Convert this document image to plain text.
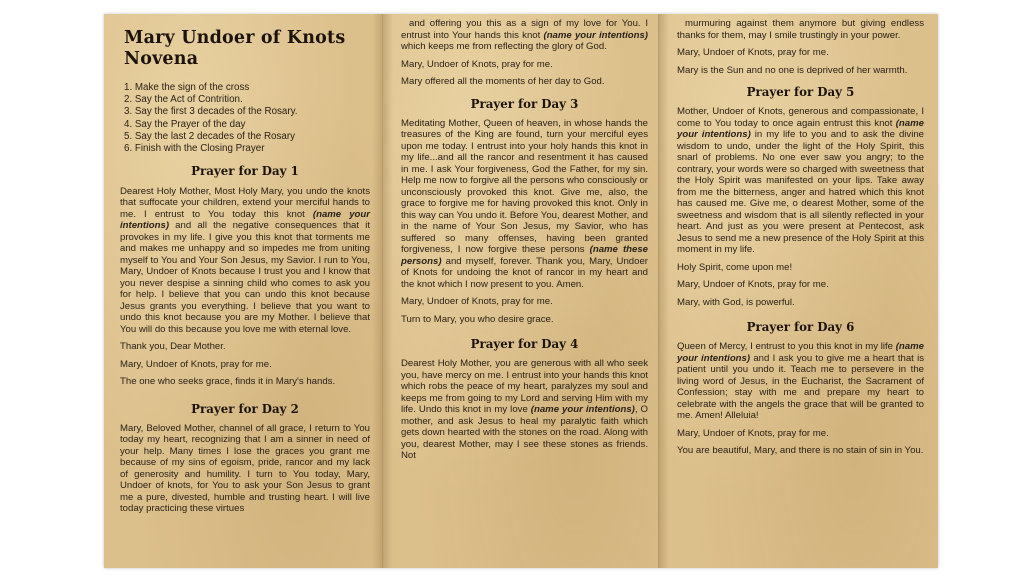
Mary Undoer of Knots Novena
1. Make the sign of the cross
2. Say the Act of Contrition.
3. Say the first 3 decades of the Rosary.
4. Say the Prayer of the day
5. Say the last 2 decades of the Rosary
6. Finish with the Closing Prayer
Prayer for Day 1

Dearest Holy Mother, Most Holy Mary, you undo the knots that suffocate your children, extend your merciful hands to me. I entrust to You today this knot (name your intentions) and all the negative consequences that it provokes in my life. I give you this knot that torments me and makes me unhappy and so impedes me from uniting myself to You and Your Son Jesus, my Savior. I run to You, Mary, Undoer of Knots because I trust you and I know that you never despise a sinning child who comes to ask you for help. I believe that you can undo this knot because Jesus grants you everything. I believe that you want to undo this knot because you are my Mother. I believe that You will do this because you love me with eternal love.

Thank you, Dear Mother.

Mary, Undoer of Knots, pray for me.

The one who seeks grace, finds it in Mary's hands.

Prayer for Day 2

Mary, Beloved Mother, channel of all grace, I return to You today my heart, recognizing that I am a sinner in need of your help. Many times I lose the graces you grant me because of my sins of egoism, pride, rancor and my lack of generosity and humility. I turn to You today, Mary, Undoer of knots, for You to ask your Son Jesus to grant me a pure, divested, humble and trusting heart. I will live today practicing these virtues

and offering you this as a sign of my love for You. I entrust into Your hands this knot (name your intentions) which keeps me from reflecting the glory of God.

Mary, Undoer of Knots, pray for me.

Mary offered all the moments of her day to God.

Prayer for Day 3

Meditating Mother, Queen of heaven, in whose hands the treasures of the King are found, turn your merciful eyes upon me today. I entrust into your holy hands this knot in my life...and all the rancor and resentment it has caused in me. I ask Your forgiveness, God the Father, for my sin. Help me now to forgive all the persons who consciously or unconsciously provoked this knot. Give me, also, the grace to forgive me for having provoked this knot. Only in this way can You undo it. Before You, dearest Mother, and in the name of Your Son Jesus, my Savior, who has suffered so many offenses, having been granted forgiveness, I now forgive these persons (name these persons) and myself, forever. Thank you, Mary, Undoer of Knots for undoing the knot of rancor in my heart and the knot which I now present to you. Amen.

Mary, Undoer of Knots, pray for me.

Turn to Mary, you who desire grace.

Prayer for Day 4

Dearest Holy Mother, you are generous with all who seek you, have mercy on me. I entrust into your hands this knot which robs the peace of my heart, paralyzes my soul and keeps me from going to my Lord and serving Him with my life. Undo this knot in my love (name your intentions), O mother, and ask Jesus to heal my paralytic faith which gets down hearted with the stones on the road. Along with you, dearest Mother, may I see these stones as friends. Not

murmuring against them anymore but giving endless thanks for them, may I smile trustingly in your power.

Mary, Undoer of Knots, pray for me.

Mary is the Sun and no one is deprived of her warmth.

Prayer for Day 5

Mother, Undoer of Knots, generous and compassionate, I come to You today to once again entrust this knot (name your intentions) in my life to you and to ask the divine wisdom to undo, under the light of the Holy Spirit, this snarl of problems. No one ever saw you angry; to the contrary, your words were so charged with sweetness that the Holy Spirit was manifested on your lips. Take away from me the bitterness, anger and hatred which this knot has caused me. Give me, o dearest Mother, some of the sweetness and wisdom that is all silently reflected in your heart. And just as you were present at Pentecost, ask Jesus to send me a new presence of the Holy Spirit at this moment in my life.

Holy Spirit, come upon me!

Mary, Undoer of Knots, pray for me.

Mary, with God, is powerful.

Prayer for Day 6

Queen of Mercy, I entrust to you this knot in my life (name your intentions) and I ask you to give me a heart that is patient until you undo it. Teach me to persevere in the living word of Jesus, in the Eucharist, the Sacrament of Confession; stay with me and prepare my heart to celebrate with the angels the grace that will be granted to me. Amen! Alleluia!

Mary, Undoer of Knots, pray for me.

You are beautiful, Mary, and there is no stain of sin in You.
